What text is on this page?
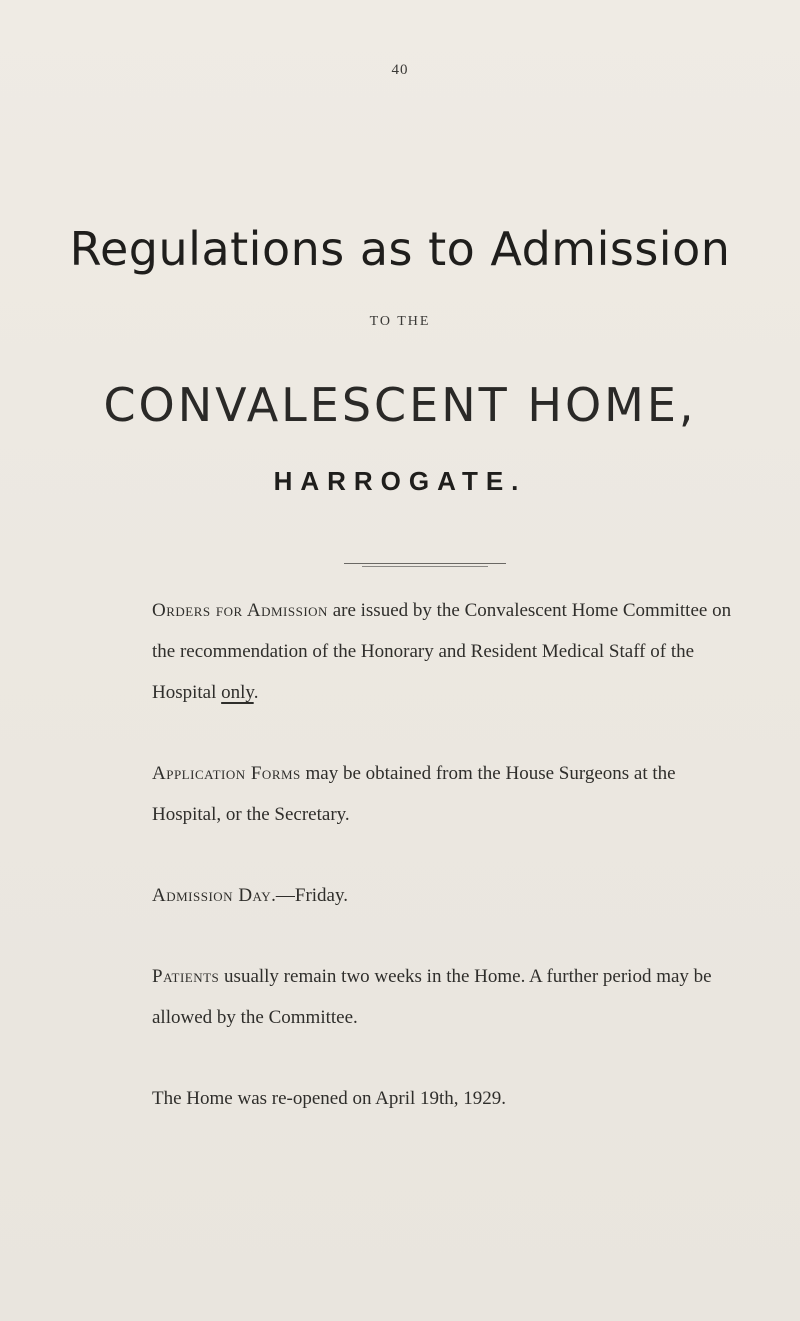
40
Regulations as to Admission
TO THE
CONVALESCENT HOME,
HARROGATE.

Orders for Admission are issued by the Convalescent Home Committee on the recommendation of the Honorary and Resident Medical Staff of the Hospital only.

Application Forms may be obtained from the House Surgeons at the Hospital, or the Secretary.

Admission Day.—Friday.

Patients usually remain two weeks in the Home. A further period may be allowed by the Committee.

The Home was re-opened on April 19th, 1929.
